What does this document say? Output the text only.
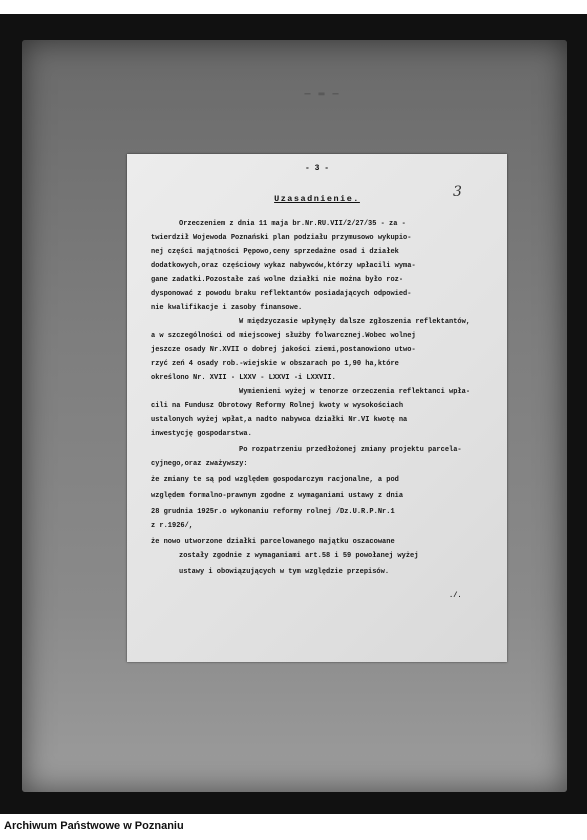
─ ═ ─
- 3 -
3
Uzasadnienie.
Orzeczeniem z dnia 11 maja br.Nr.RU.VII/2/27/35 - za -
twierdził Wojewoda Poznański plan podziału przymusowo wykupio-
nej części majątności Pępowo,ceny sprzedażne osad i działek
dodatkowych,oraz częściowy wykaz nabywców,którzy wpłacili wyma-
gane zadatki.Pozostałe zaś wolne działki nie można było roz-
dysponować z powodu braku reflektantów posiadających odpowied-
nie kwalifikacje i zasoby finansowe.
W międzyczasie wpłynęły dalsze zgłoszenia reflektantów,
a w szczególności od miejscowej służby folwarcznej.Wobec wolnej
jeszcze osady Nr.XVII o dobrej jakości ziemi,postanowiono utwo-
rzyć zeń 4 osady rob.-wiejskie w obszarach po 1,90 ha,które
określono Nr. XVII - LXXV - LXXVI -i LXXVII.
Wymienieni wyżej w tenorze orzeczenia reflektanci wpła-
cili na Fundusz Obrotowy Reformy Rolnej kwoty w wysokościach
ustalonych wyżej wpłat,a nadto nabywca działki Nr.VI kwotę na
inwestycję gospodarstwa.
Po rozpatrzeniu przedłożonej zmiany projektu parcela-
cyjnego,oraz zważywszy:
że zmiany te są pod względem gospodarczym racjonalne, a pod
względem formalno-prawnym zgodne z wymaganiami ustawy z dnia
28 grudnia 1925r.o wykonaniu reformy rolnej /Dz.U.R.P.Nr.1
z r.1926/,
że nowo utworzone działki parcelowanego majątku oszacowane
zostały zgodnie z wymaganiami art.58 i 59 powołanej wyżej
ustawy i obowiązujących w tym względzie przepisów.
./.
Archiwum Państwowe w Poznaniu
